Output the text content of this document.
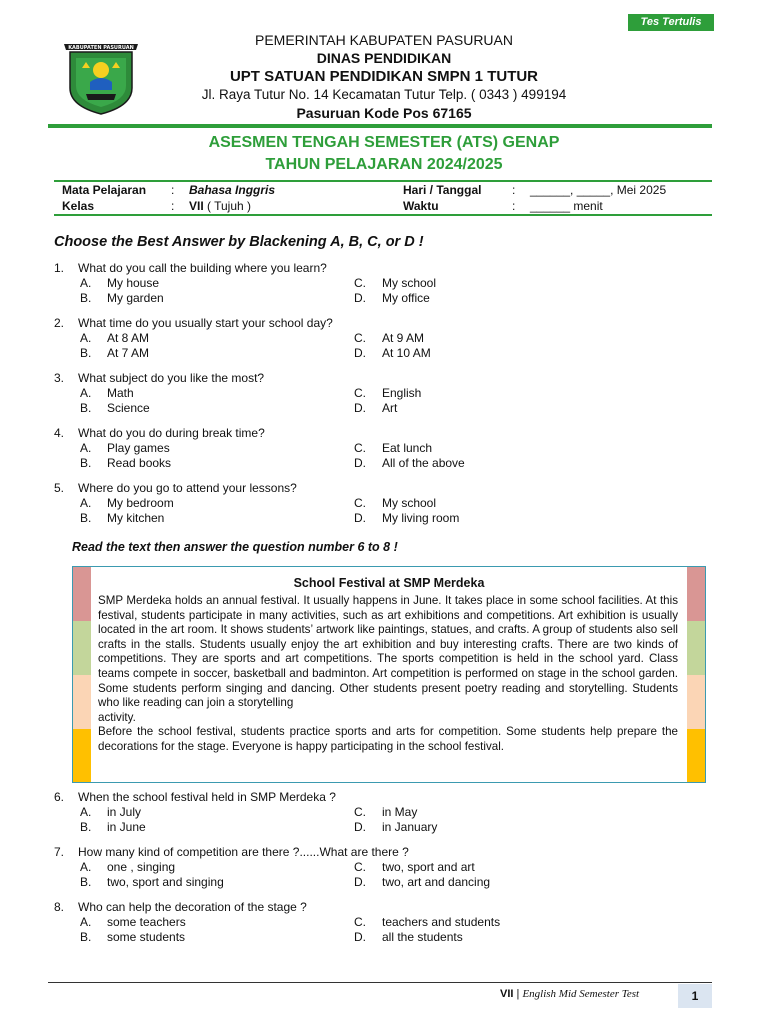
Tes Tertulis
KABUPATEN PASURUAN	PEMERINTAH KABUPATEN PASURUAN
DINAS PENDIDIKAN
UPT SATUAN PENDIDIKAN SMPN 1 TUTUR
Jl. Raya Tutur No. 14 Kecamatan Tutur Telp. ( 0343 ) 499194
Pasuruan Kode Pos 67165
ASESMEN TENGAH SEMESTER (ATS) GENAP
TAHUN PELAJARAN 2024/2025
Mata Pelajaran : Bahasa Inggris
Kelas	: VII ( Tujuh )
Hari / Tanggal	: ______, _____, Mei 2025
Waktu	: ______ menit
Choose the Best Answer by Blackening A, B, C, or D !
1. What do you call the building where you learn?
A. My house
B. My garden
C. My school
D. My office
2. What time do you usually start your school day?
A. At 8 AM
B. At 7 AM
C. At 9 AM
D. At 10 AM
3. What subject do you like the most?
A. Math
B. Science
C. English
D. Art
4. What do you do during break time?
A. Play games
B. Read books
C. Eat lunch
D. All of the above
5. Where do you go to attend your lessons?
A. My bedroom
B. My kitchen
C. My school
D. My living room
Read the text then answer the question number 6 to 8 !
School Festival at SMP Merdeka

SMP Merdeka holds an annual festival. It usually happens in June. It takes place in some school facilities. At this festival, students participate in many activities, such as art exhibitions and competitions. Art exhibition is usually located in the art room. It shows students’ artwork like paintings, statues, and crafts. A group of students also sell crafts in the stalls. Students usually enjoy the art exhibition and buy interesting crafts. There are two kinds of competitions. They are sports and art competitions. The sports competition is held in the school yard. Class teams compete in soccer, basketball and badminton. Art competition is performed on stage in the school garden. Some students perform singing and dancing. Other students present poetry reading and storytelling. Students who like reading can join a storytelling

activity.

Before the school festival, students practice sports and arts for competition. Some students help prepare the decorations for the stage. Everyone is happy participating in the school festival.

6. When the school festival held in SMP Merdeka ?
A. in July
B. in June
C. in May
D. in January
7. How many kind of competition are there ?......What are there ?
A. one , singing
B. two, sport and singing
C. two, sport and art
D. two, art and dancing
8. Who can help the decoration of the stage ?
A. some teachers
B. some students
C. teachers and students
D. all the students
VII | English Mid Semester Test	1
